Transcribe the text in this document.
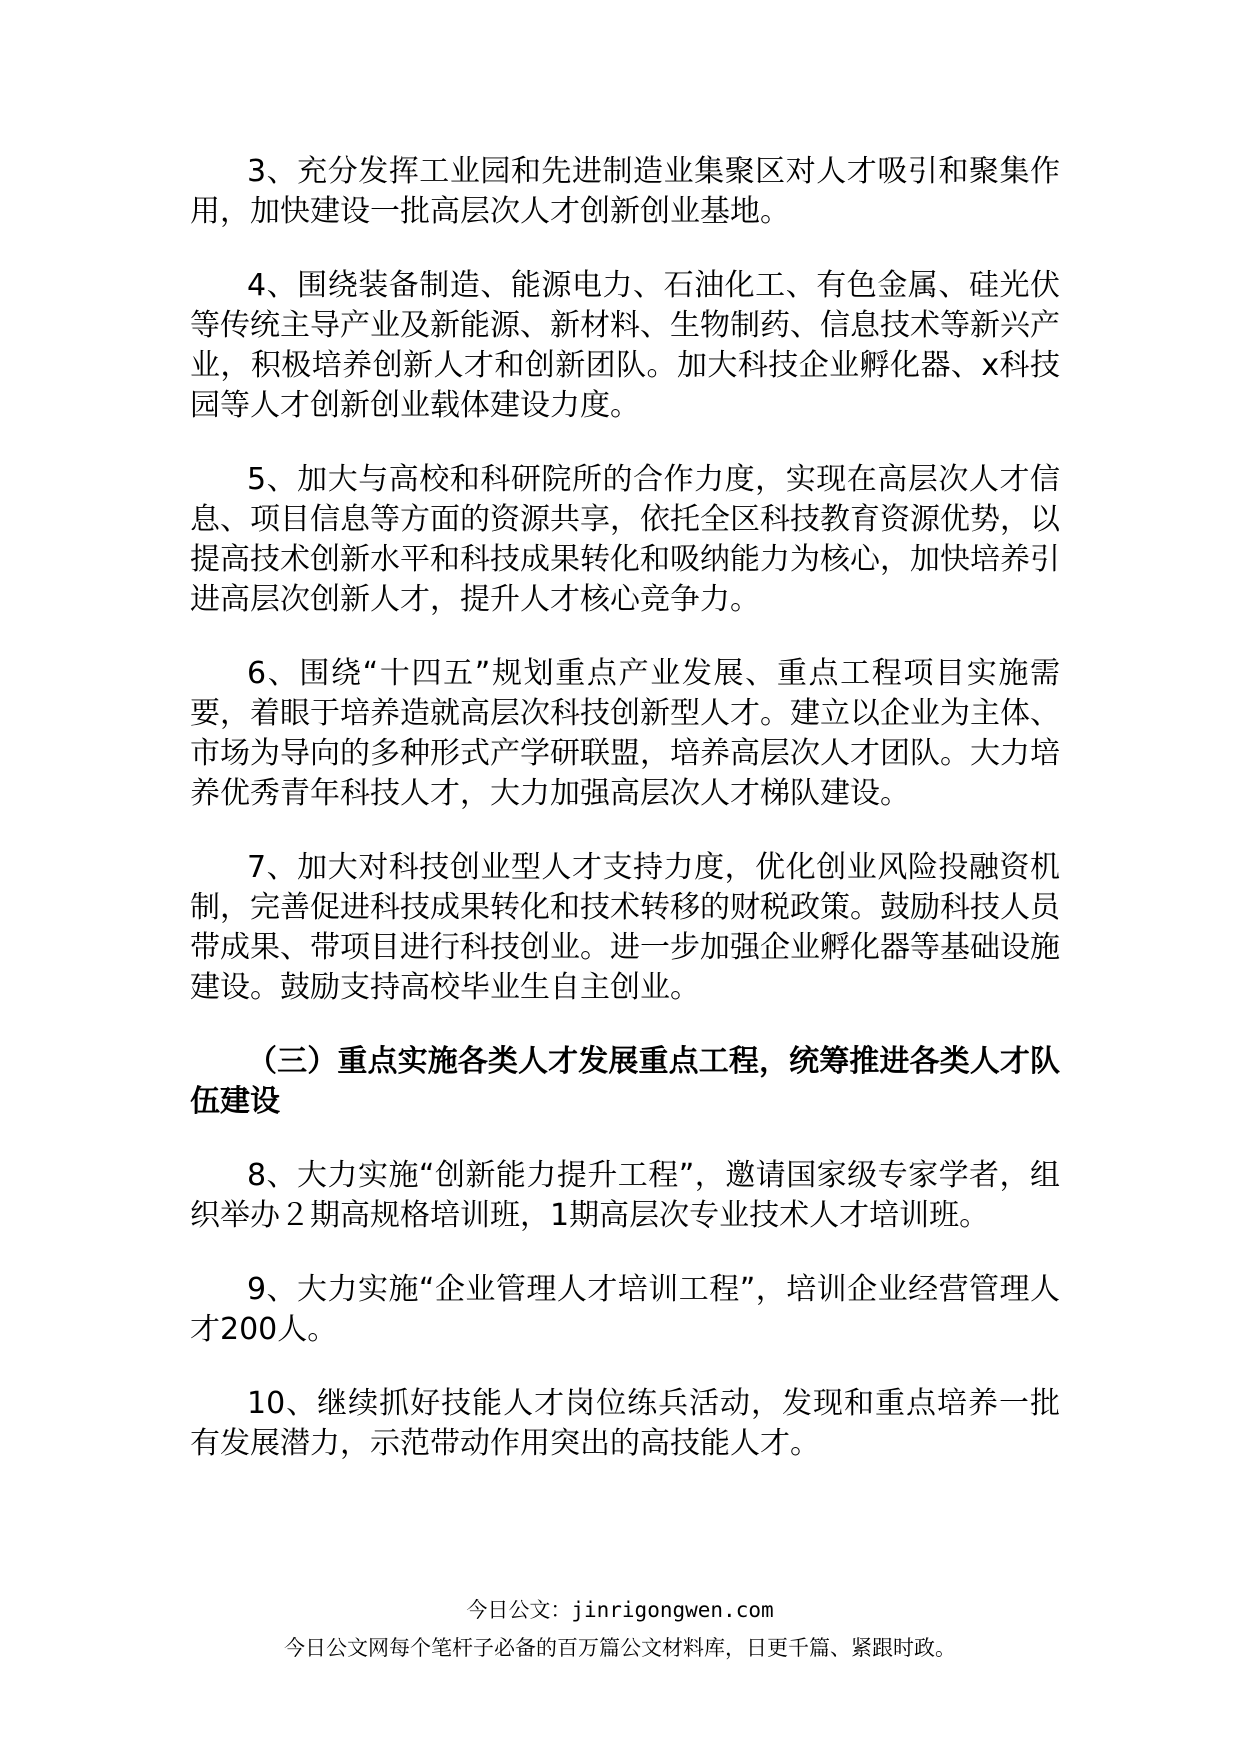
3、充分发挥工业园和先进制造业集聚区对人才吸引和聚集作用，加快建设一批高层次人才创新创业基地。

4、围绕装备制造、能源电力、石油化工、有色金属、硅光伏等传统主导产业及新能源、新材料、生物制药、信息技术等新兴产业，积极培养创新人才和创新团队。加大科技企业孵化器、x科技园等人才创新创业载体建设力度。

5、加大与高校和科研院所的合作力度，实现在高层次人才信息、项目信息等方面的资源共享，依托全区科技教育资源优势，以提高技术创新水平和科技成果转化和吸纳能力为核心，加快培养引进高层次创新人才，提升人才核心竞争力。

6、围绕“十四五”规划重点产业发展、重点工程项目实施需要，着眼于培养造就高层次科技创新型人才。建立以企业为主体、市场为导向的多种形式产学研联盟，培养高层次人才团队。大力培养优秀青年科技人才，大力加强高层次人才梯队建设。

7、加大对科技创业型人才支持力度，优化创业风险投融资机制，完善促进科技成果转化和技术转移的财税政策。鼓励科技人员带成果、带项目进行科技创业。进一步加强企业孵化器等基础设施建设。鼓励支持高校毕业生自主创业。

（三）重点实施各类人才发展重点工程，统筹推进各类人才队伍建设

8、大力实施“创新能力提升工程”，邀请国家级专家学者，组织举办２期高规格培训班，1期高层次专业技术人才培训班。

9、大力实施“企业管理人才培训工程”，培训企业经营管理人才200人。

10、继续抓好技能人才岗位练兵活动，发现和重点培养一批有发展潜力，示范带动作用突出的高技能人才。

今日公文：jinrigongwen.com
今日公文网每个笔杆子必备的百万篇公文材料库，日更千篇、紧跟时政。
